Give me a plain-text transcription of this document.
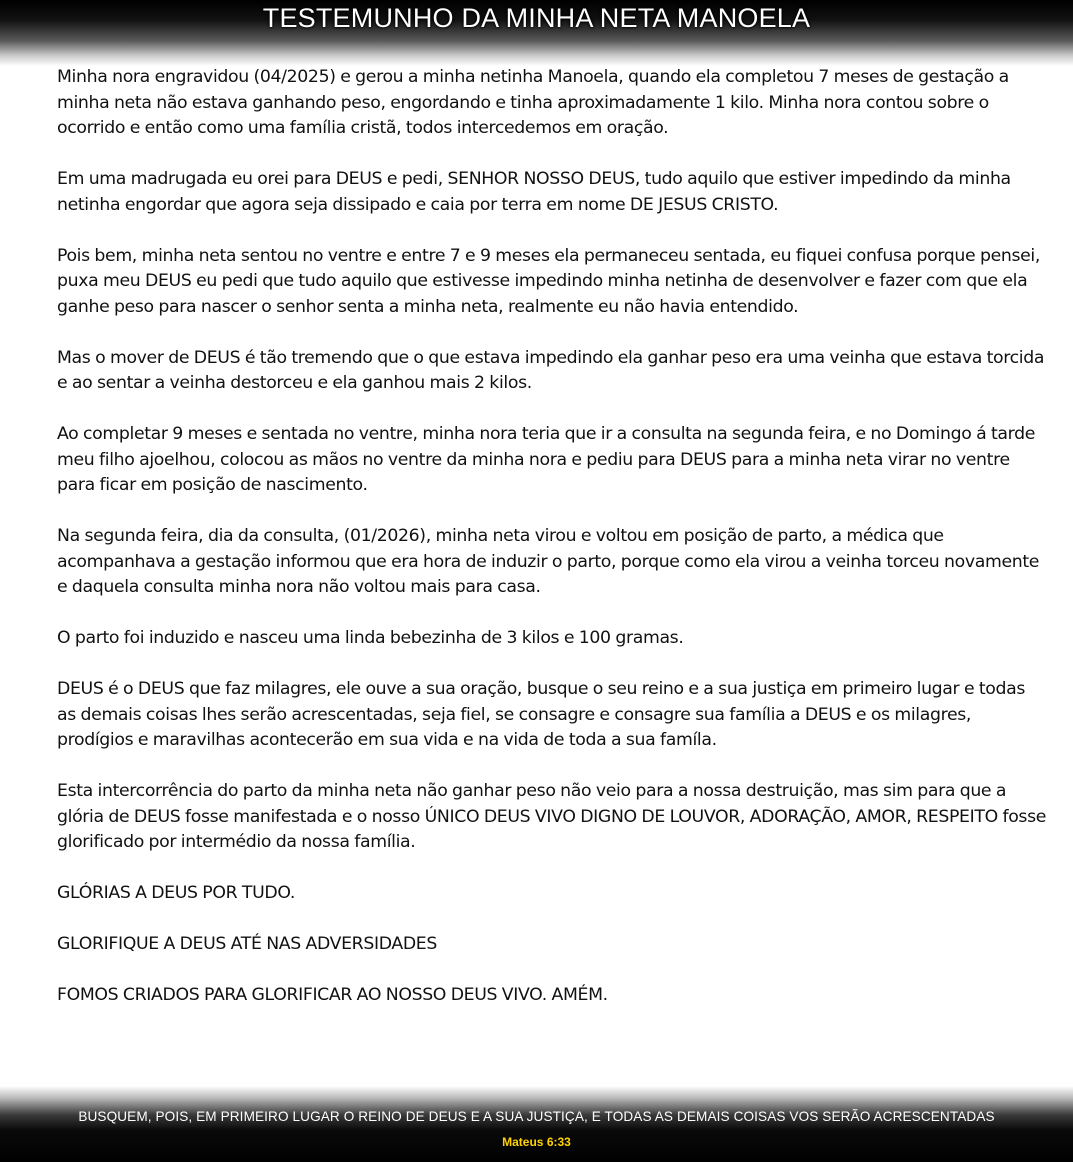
TESTEMUNHO DA MINHA NETA MANOELA

Minha nora engravidou (04/2025) e gerou a minha netinha Manoela, quando ela completou 7 meses de gestação a minha neta não estava ganhando peso, engordando e tinha aproximadamente 1 kilo. Minha nora contou sobre o ocorrido e então como uma família cristã, todos intercedemos em oração.

Em uma madrugada eu orei para DEUS e pedi, SENHOR NOSSO DEUS, tudo aquilo que estiver impedindo da minha netinha engordar que agora seja dissipado e caia por terra em nome DE JESUS CRISTO.

Pois bem, minha neta sentou no ventre e entre 7 e 9 meses ela permaneceu sentada, eu fiquei confusa porque pensei, puxa meu DEUS eu pedi que tudo aquilo que estivesse impedindo minha netinha de desenvolver e fazer com que ela ganhe peso para nascer o senhor senta a minha neta, realmente eu não havia entendido.

Mas o mover de DEUS é tão tremendo que o que estava impedindo ela ganhar peso era uma veinha que estava torcida e ao sentar a veinha destorceu e ela ganhou mais 2 kilos.

Ao completar 9 meses e sentada no ventre, minha nora teria que ir a consulta na segunda feira, e no Domingo á tarde meu filho ajoelhou, colocou as mãos no ventre da minha nora e pediu para DEUS para a minha neta virar no ventre para ficar em posição de nascimento.

Na segunda feira, dia da consulta, (01/2026), minha neta virou e voltou em posição de parto, a médica que acompanhava a gestação informou que era hora de induzir o parto, porque como ela virou a veinha torceu novamente e daquela consulta minha nora não voltou mais para casa.

O parto foi induzido e nasceu uma linda bebezinha de 3 kilos e 100 gramas.

DEUS é o DEUS que faz milagres, ele ouve a sua oração, busque o seu reino e a sua justiça em primeiro lugar e todas as demais coisas lhes serão acrescentadas, seja fiel, se consagre e consagre sua família a DEUS e os milagres, prodígios e maravilhas acontecerão em sua vida e na vida de toda a sua famíla.

Esta intercorrência do parto da minha neta não ganhar peso não veio para a nossa destruição, mas sim para que a glória de DEUS fosse manifestada e o nosso ÚNICO DEUS VIVO DIGNO DE LOUVOR, ADORAÇÃO, AMOR, RESPEITO fosse glorificado por intermédio da nossa família.

GLÓRIAS A DEUS POR TUDO.

GLORIFIQUE A DEUS ATÉ NAS ADVERSIDADES

FOMOS CRIADOS PARA GLORIFICAR AO NOSSO DEUS VIVO. AMÉM.

BUSQUEM, POIS, EM PRIMEIRO LUGAR O REINO DE DEUS E A SUA JUSTIÇA, E TODAS AS DEMAIS COISAS VOS SERÃO ACRESCENTADAS
Mateus 6:33
